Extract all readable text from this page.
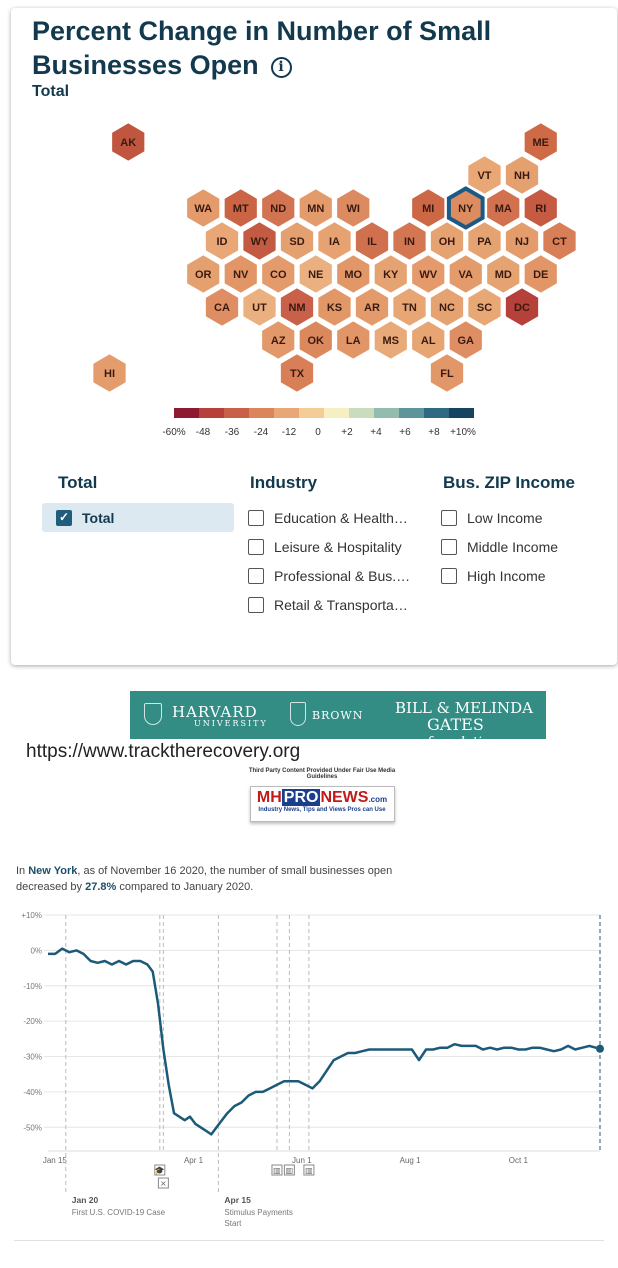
Percent Change in Number of Small Businesses Open i
Total
AK	ME
VT NH
WA MT ND MN WI	MI NY MA RI
ID WY SD IA IL IN OH PA NJ CT
OR NV CO NE MO KY WV VA MD DE
CA UT NM KS AR TN NC SC DC
AZ OK LA MS AL GA
HI	TX	FL
-60% -48 -36 -24 -12 0 +2 +4 +6 +8 +10%
Total
✓ Total
Industry
Education & Health…
Leisure & Hospitality
Professional & Bus.…
Retail & Transporta…
Bus. ZIP Income
Low Income
Middle Income
High Income
HARVARD
UNIVERSITY
BROWN BILL & MELINDA
GATES foundation
https://www.tracktherecovery.org
Third Party Content Provided Under Fair Use Media Guidelines
MH PRO NEWS.com
Industry News, Tips and Views Pros can Use
In New York, as of November 16 2020, the number of small businesses open decreased by 27.8% compared to January 2020.
+10%
0%
-10%
-20%
-30%
-40%
-50%
Jan 15	Apr 1	Jun 1	Aug 1	Oct 1
🎓
×
Apr 15
Stimulus Payments
Start
▥ ▥ ▥
Jan 20
First U.S. COVID-19 Case
